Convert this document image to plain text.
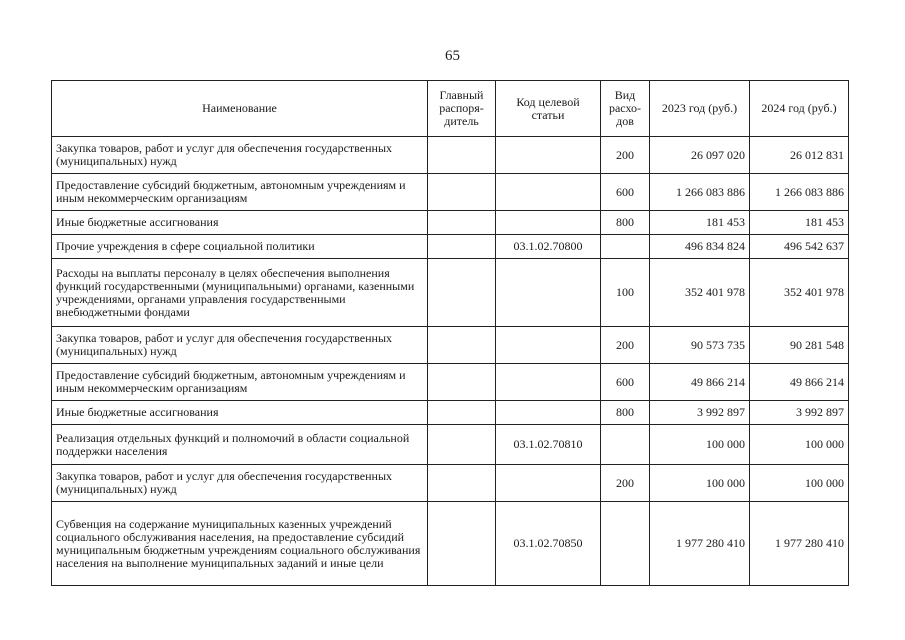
65
Наименование	Главный распоря-дитель	Код целевой статьи	Вид расхо-дов	2023 год (руб.)	2024 год (руб.)
Закупка товаров, работ и услуг для обеспечения государственных (муниципальных) нужд			200	26 097 020	26 012 831
Предоставление субсидий бюджетным, автономным учреждениям и иным некоммерческим организациям			600	1 266 083 886	1 266 083 886
Иные бюджетные ассигнования			800	181 453	181 453
Прочие учреждения в сфере социальной политики		03.1.02.70800		496 834 824	496 542 637
Расходы на выплаты персоналу в целях обеспечения выполнения функций государственными (муниципальными) органами, казенными учреждениями, органами управления государственными внебюджетными фондами			100	352 401 978	352 401 978
Закупка товаров, работ и услуг для обеспечения государственных (муниципальных) нужд			200	90 573 735	90 281 548
Предоставление субсидий бюджетным, автономным учреждениям и иным некоммерческим организациям			600	49 866 214	49 866 214
Иные бюджетные ассигнования			800	3 992 897	3 992 897
Реализация отдельных функций и полномочий в области социальной поддержки населения		03.1.02.70810		100 000	100 000
Закупка товаров, работ и услуг для обеспечения государственных (муниципальных) нужд			200	100 000	100 000
Субвенция на содержание муниципальных казенных учреждений социального обслуживания населения, на предоставление субсидий муниципальным бюджетным учреждениям социального обслуживания населения на выполнение муниципальных заданий и иные цели		03.1.02.70850		1 977 280 410	1 977 280 410
